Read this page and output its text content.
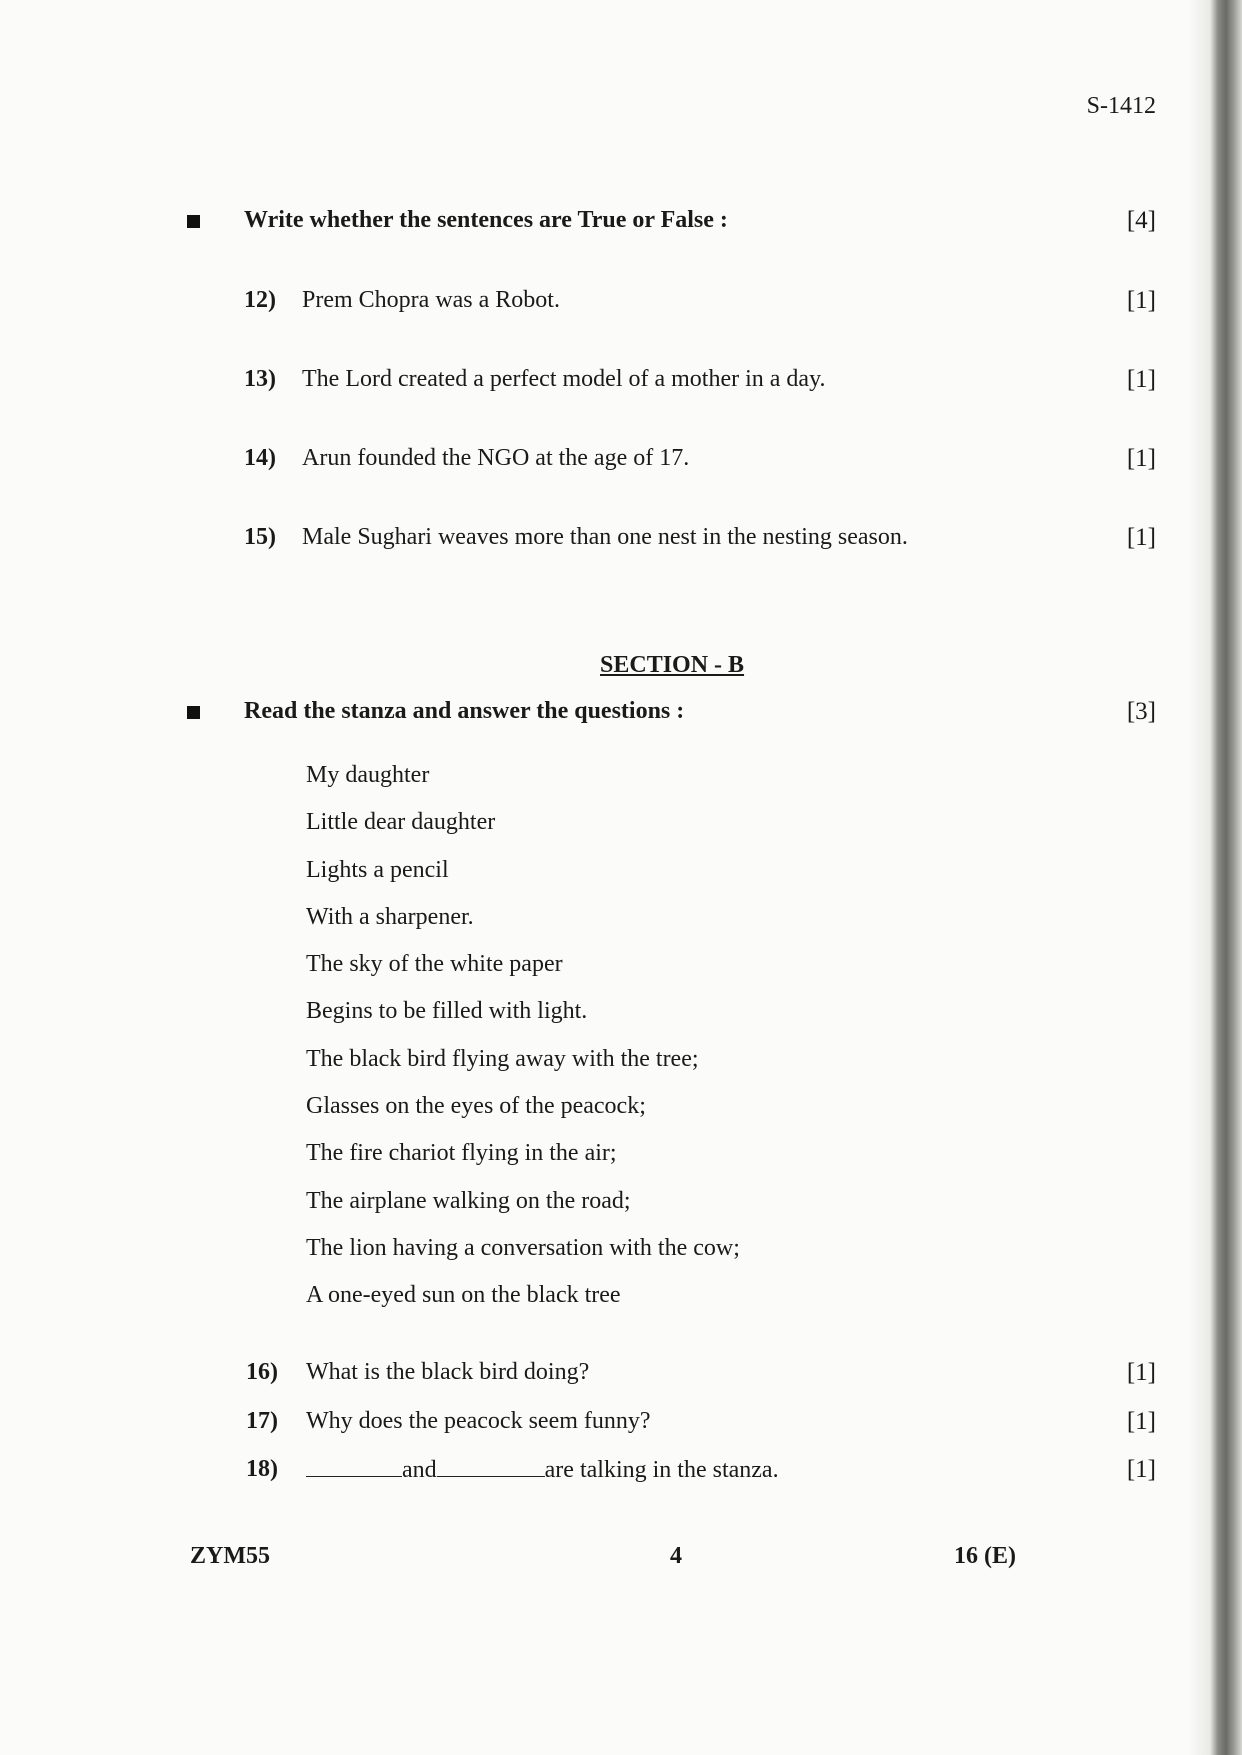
S-1412
Write whether the sentences are True or False :	[4]
12) Prem Chopra was a Robot.	[1]
13) The Lord created a perfect model of a mother in a day.	[1]
14) Arun founded the NGO at the age of 17.	[1]
15) Male Sughari weaves more than one nest in the nesting season.	[1]
SECTION - B
Read the stanza and answer the questions :	[3]
My daughter
Little dear daughter
Lights a pencil
With a sharpener.
The sky of the white paper
Begins to be filled with light.
The black bird flying away with the tree;
Glasses on the eyes of the peacock;
The fire chariot flying in the air;
The airplane walking on the road;
The lion having a conversation with the cow;
A one-eyed sun on the black tree
16) What is the black bird doing?	[1]
17) Why does the peacock seem funny?	[1]
18)	and	are talking in the stanza.	[1]
ZYM55	4	16 (E)
